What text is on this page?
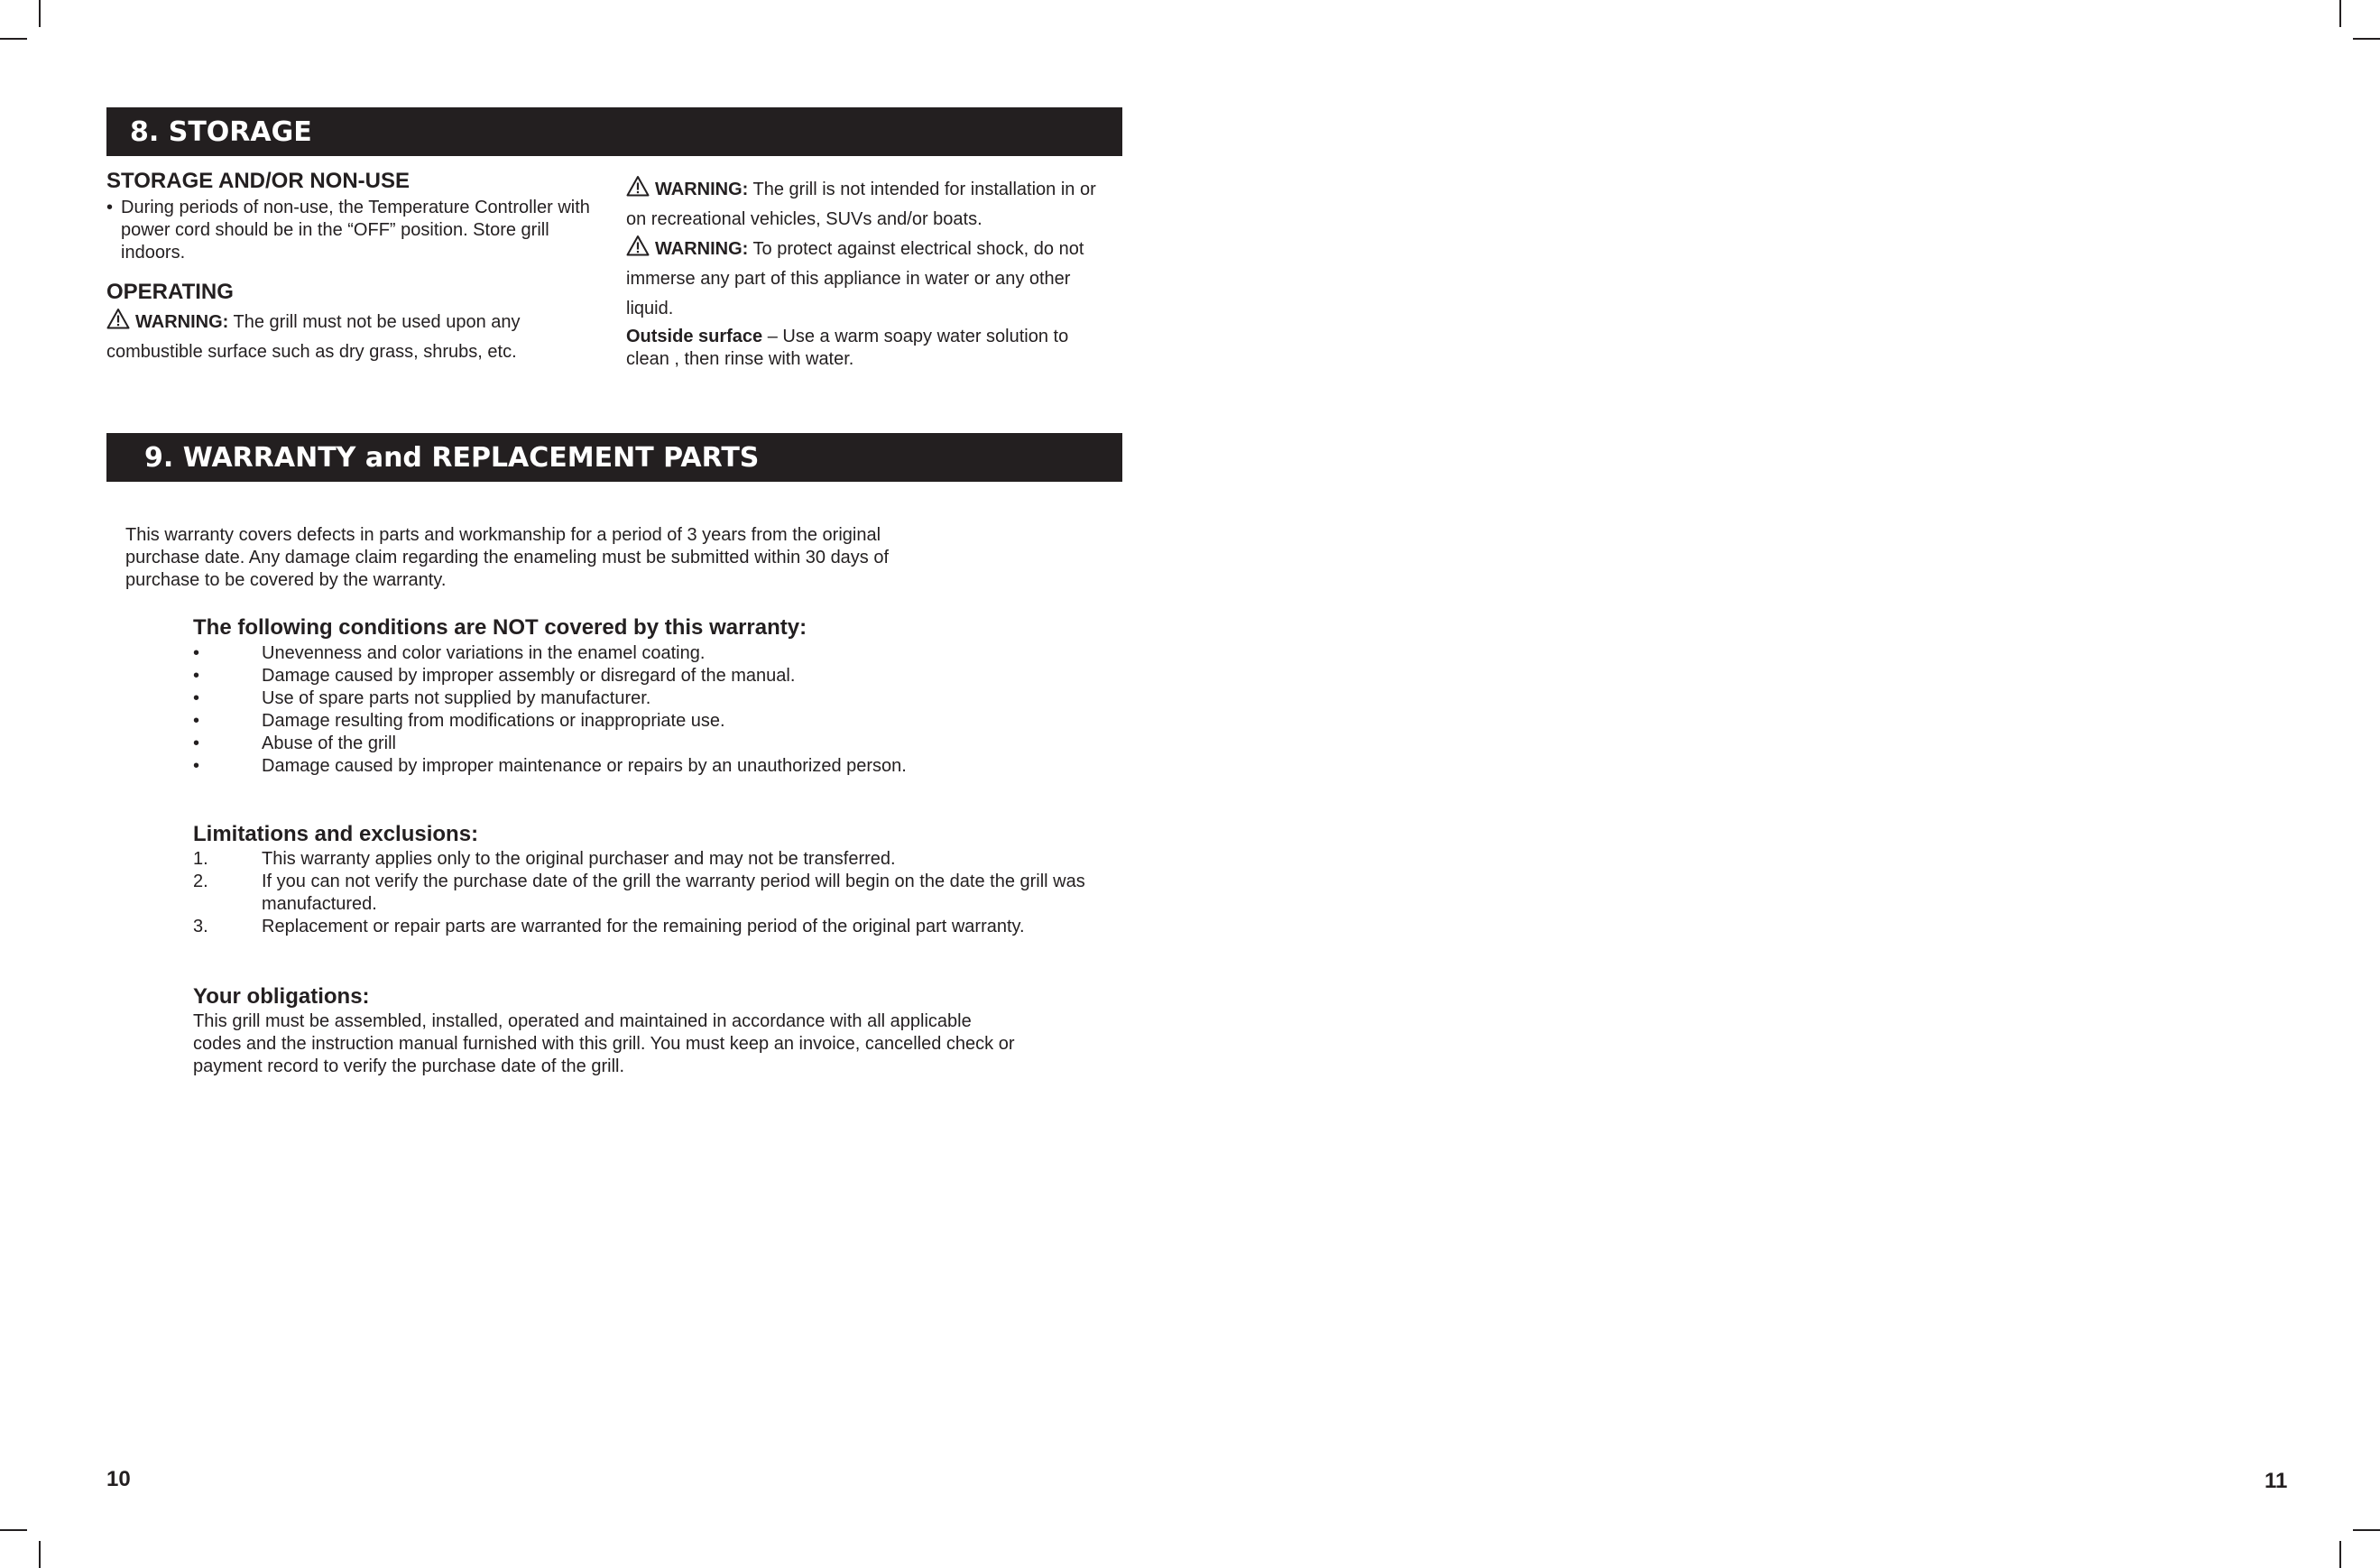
8. STORAGE
STORAGE AND/OR NON-USE
• During periods of non-use, the Temperature Controller with power cord should be in the “OFF” position. Store grill indoors.
OPERATING
WARNING: The grill must not be used upon any combustible surface such as dry grass, shrubs, etc.
WARNING: The grill is not intended for installation in or on recreational vehicles, SUVs and/or boats.
WARNING: To protect against electrical shock, do not immerse any part of this appliance in water or any other liquid.
Outside surface – Use a warm soapy water solution to clean , then rinse with water.
9. WARRANTY and REPLACEMENT PARTS
This warranty covers defects in parts and workmanship for a period of 3 years from the original purchase date. Any damage claim regarding the enameling must be submitted within 30 days of purchase to be covered by the warranty.
The following conditions are NOT covered by this warranty:
•	Unevenness and color variations in the enamel coating.
•	Damage caused by improper assembly or disregard of the manual.
•	Use of spare parts not supplied by manufacturer.
•	Damage resulting from modifications or inappropriate use.
•	Abuse of the grill
•	Damage caused by improper maintenance or repairs by an unauthorized person.
Limitations and exclusions:
1.	This warranty applies only to the original purchaser and may not be transferred.
2.	If you can not verify the purchase date of the grill the warranty period will begin on the date the grill was manufactured.
3.	Replacement or repair parts are warranted for the remaining period of the original part warranty.
Your obligations:
This grill must be assembled, installed, operated and maintained in accordance with all applicable codes and the instruction manual furnished with this grill. You must keep an invoice, cancelled check or payment record to verify the purchase date of the grill.
10	11
